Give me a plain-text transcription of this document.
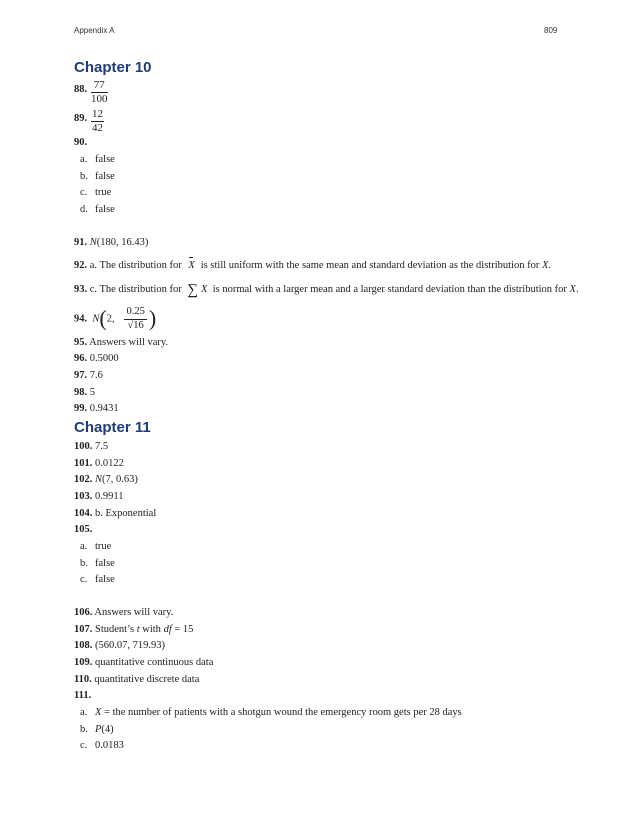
Appendix A	809
Chapter 10
88. $\frac{77}{100}$
89. $\frac{12}{42}$
90.
a. false
b. false
c. true
d. false
91. N(180, 16.43)
92. a. The distribution for X is still uniform with the same mean and standard deviation as the distribution for X.
93. c. The distribution for ∑ X is normal with a larger mean and a larger standard deviation than the distribution for X.
94. N(2, $\frac{0.25}{√16}$ )
95. Answers will vary.
96. 0.5000
97. 7.6
98. 5
99. 0.9431
Chapter 11
100. 7.5
101. 0.0122
102. N(7, 0.63)
103. 0.9911
104. b. Exponential
105.
a. true
b. false
c. false
106. Answers will vary.
107. Student’s t with df = 15
108. (560.07, 719.93)
109. quantitative continuous data
110. quantitative discrete data
111.
a. X = the number of patients with a shotgun wound the emergency room gets per 28 days
b. P(4)
c. 0.0183
